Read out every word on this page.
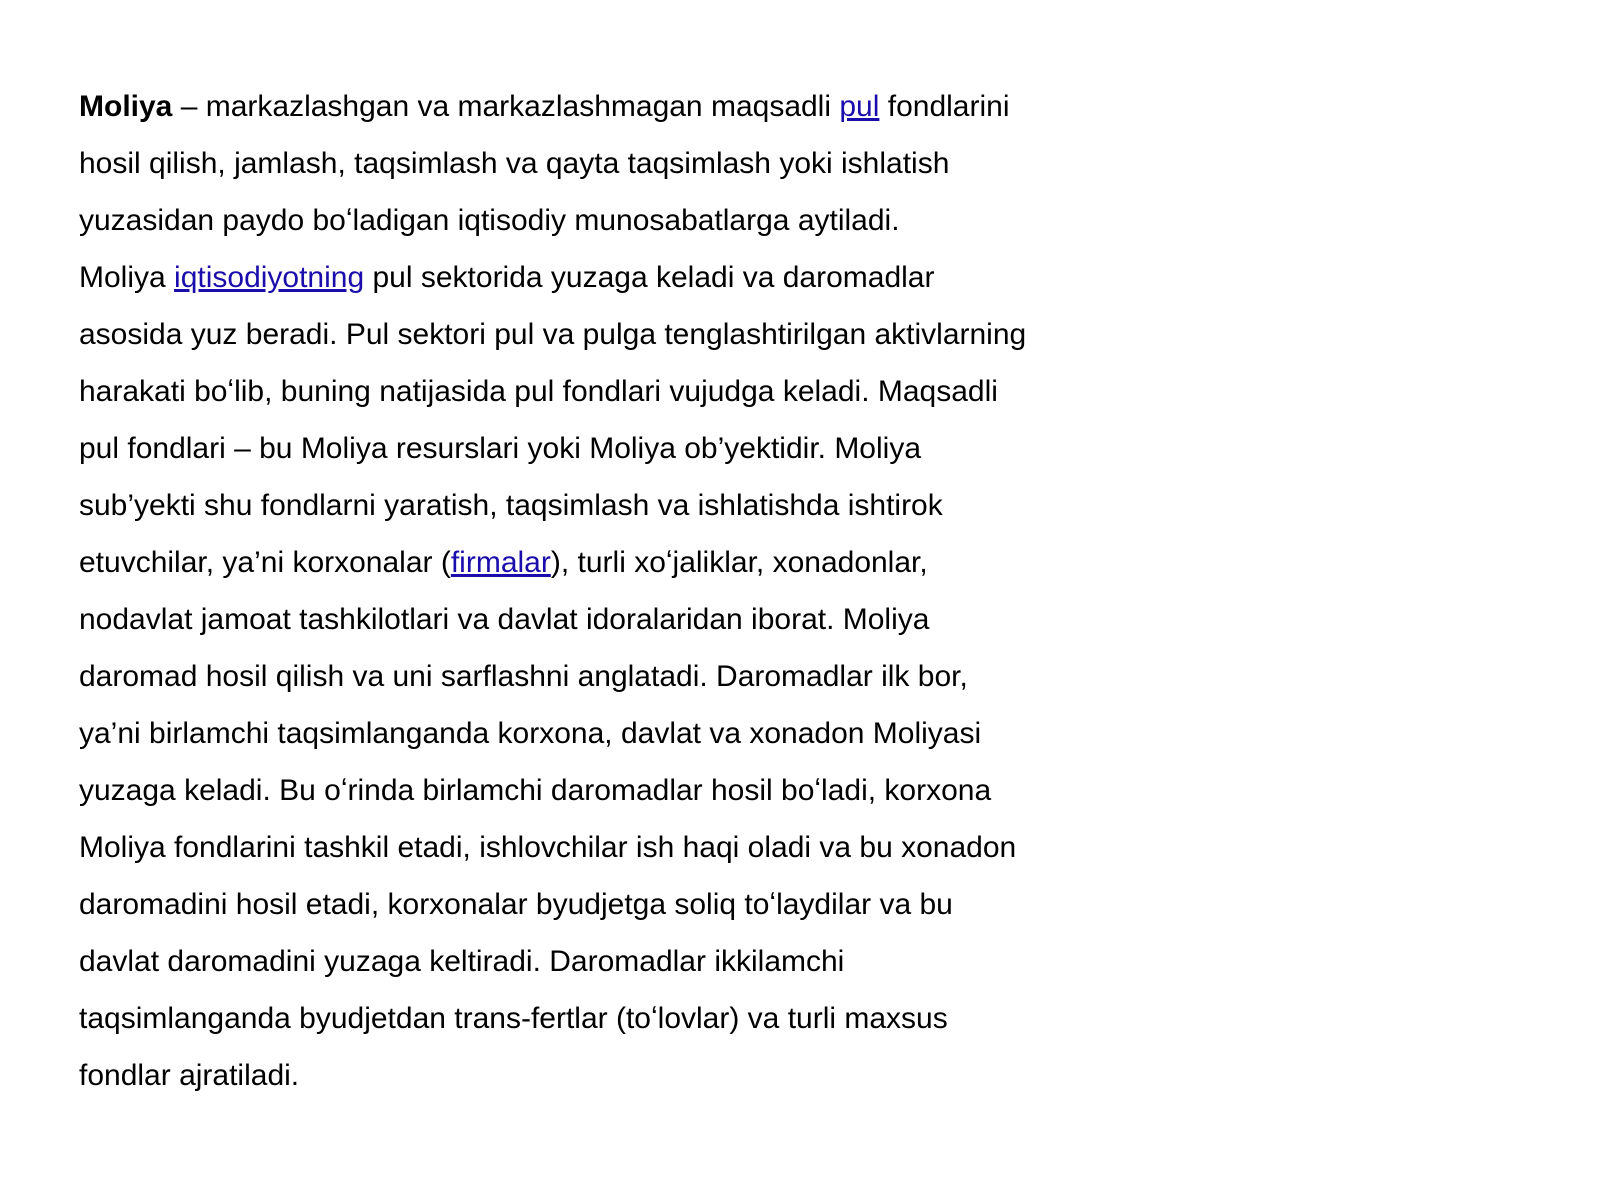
Moliya – markazlashgan va markazlashmagan maqsadli pul fondlarini
hosil qilish, jamlash, taqsimlash va qayta taqsimlash yoki ishlatish
yuzasidan paydo boʻladigan iqtisodiy munosabatlarga aytiladi.
Moliya iqtisodiyotning pul sektorida yuzaga keladi va daromadlar
asosida yuz beradi. Pul sektori pul va pulga tenglashtirilgan aktivlarning
harakati boʻlib, buning natijasida pul fondlari vujudga keladi. Maqsadli
pul fondlari – bu Moliya resurslari yoki Moliya ob’yektidir. Moliya
sub’yekti shu fondlarni yaratish, taqsimlash va ishlatishda ishtirok
etuvchilar, ya’ni korxonalar (firmalar), turli xoʻjaliklar, xonadonlar,
nodavlat jamoat tashkilotlari va davlat idoralaridan iborat. Moliya
daromad hosil qilish va uni sarflashni anglatadi. Daromadlar ilk bor,
ya’ni birlamchi taqsimlanganda korxona, davlat va xonadon Moliyasi
yuzaga keladi. Bu oʻrinda birlamchi daromadlar hosil boʻladi, korxona
Moliya fondlarini tashkil etadi, ishlovchilar ish haqi oladi va bu xonadon
daromadini hosil etadi, korxonalar byudjetga soliq toʻlaydilar va bu
davlat daromadini yuzaga keltiradi. Daromadlar ikkilamchi
taqsimlanganda byudjetdan trans-fertlar (toʻlovlar) va turli maxsus
fondlar ajratiladi.
